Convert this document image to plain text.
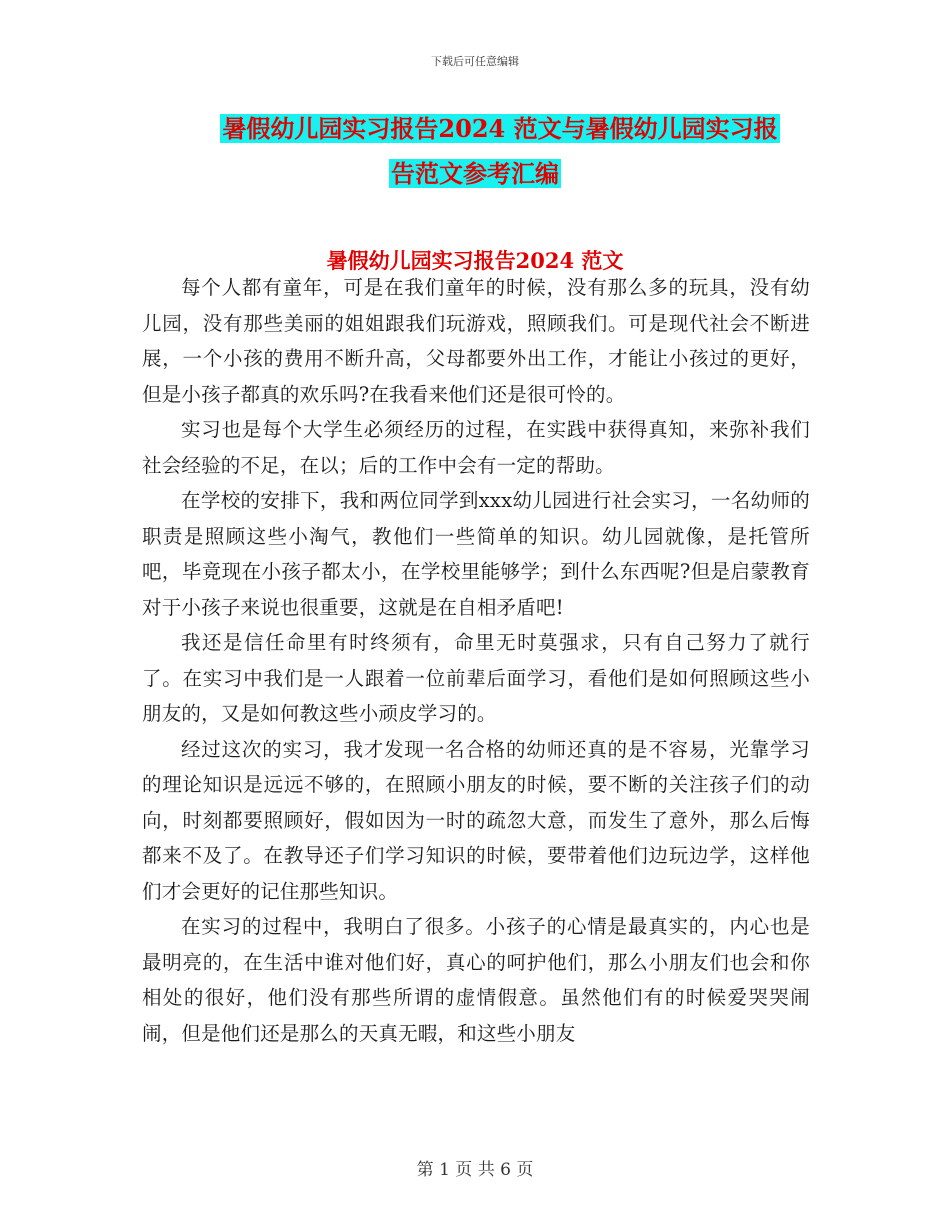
下载后可任意编辑
暑假幼儿园实习报告2024 范文与暑假幼儿园实习报
告范文参考汇编
暑假幼儿园实习报告2024 范文

每个人都有童年，可是在我们童年的时候，没有那么多的玩具，没有幼儿园，没有那些美丽的姐姐跟我们玩游戏，照顾我们。可是现代社会不断进展，一个小孩的费用不断升高，父母都要外出工作，才能让小孩过的更好，但是小孩子都真的欢乐吗?在我看来他们还是很可怜的。

实习也是每个大学生必须经历的过程，在实践中获得真知，来弥补我们社会经验的不足，在以；后的工作中会有一定的帮助。

在学校的安排下，我和两位同学到xxx幼儿园进行社会实习，一名幼师的职责是照顾这些小淘气，教他们一些简单的知识。幼儿园就像，是托管所吧，毕竟现在小孩子都太小，在学校里能够学；到什么东西呢?但是启蒙教育对于小孩子来说也很重要，这就是在自相矛盾吧!

我还是信任命里有时终须有，命里无时莫强求，只有自己努力了就行了。在实习中我们是一人跟着一位前辈后面学习，看他们是如何照顾这些小朋友的，又是如何教这些小顽皮学习的。

经过这次的实习，我才发现一名合格的幼师还真的是不容易，光靠学习的理论知识是远远不够的，在照顾小朋友的时候，要不断的关注孩子们的动向，时刻都要照顾好，假如因为一时的疏忽大意，而发生了意外，那么后悔都来不及了。在教导还子们学习知识的时候，要带着他们边玩边学，这样他们才会更好的记住那些知识。

在实习的过程中，我明白了很多。小孩子的心情是最真实的，内心也是最明亮的，在生活中谁对他们好，真心的呵护他们，那么小朋友们也会和你相处的很好，他们没有那些所谓的虚情假意。虽然他们有的时候爱哭哭闹闹，但是他们还是那么的天真无暇，和这些小朋友

第 1 页 共 6 页
